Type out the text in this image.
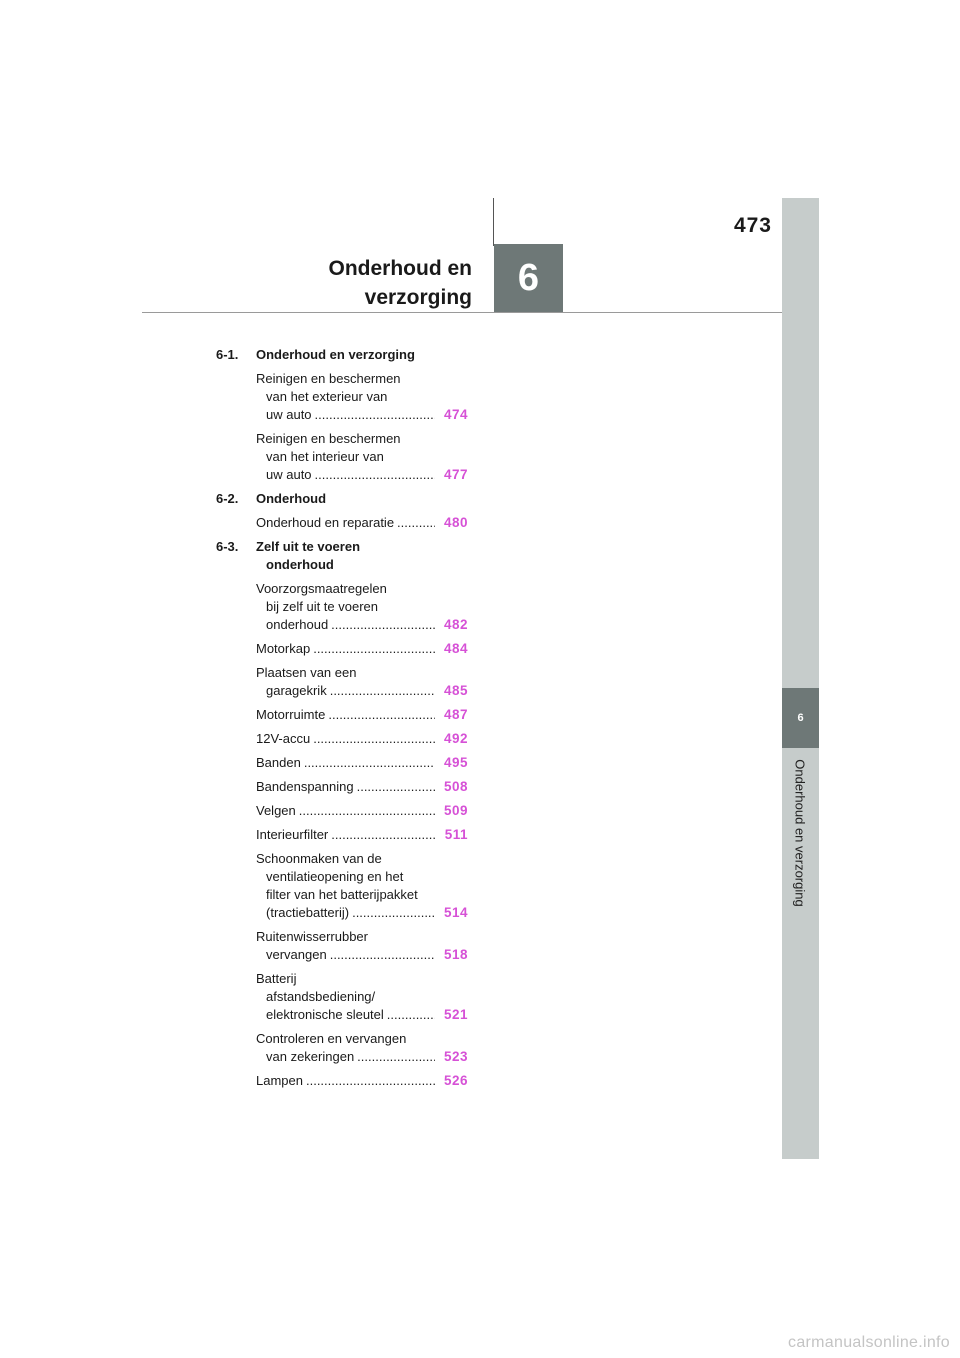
473
Onderhoud en
verzorging	6
6
Onderhoud en verzorging
6-1. Onderhoud en verzorging
Reinigen en beschermen
van het exterieur van
uw auto .....	474
Reinigen en beschermen
van het interieur van
uw auto .....	477
6-2. Onderhoud
Onderhoud en reparatie .....	480
6-3. Zelf uit te voeren
onderhoud
Voorzorgsmaatregelen
bij zelf uit te voeren
onderhoud .....	482
Motorkap .....	484
Plaatsen van een
garagekrik .....	485
Motorruimte .....	487
12V-accu .....	492
Banden .....	495
Bandenspanning .....	508
Velgen .....	509
Interieurfilter .....	511
Schoonmaken van de
ventilatieopening en het
filter van het batterijpakket
(tractiebatterij) .....	514
Ruitenwisserrubber
vervangen .....	518
Batterij
afstandsbediening/
elektronische sleutel .....	521
Controleren en vervangen
van zekeringen .....	523
Lampen .....	526
carmanualsonline.info
